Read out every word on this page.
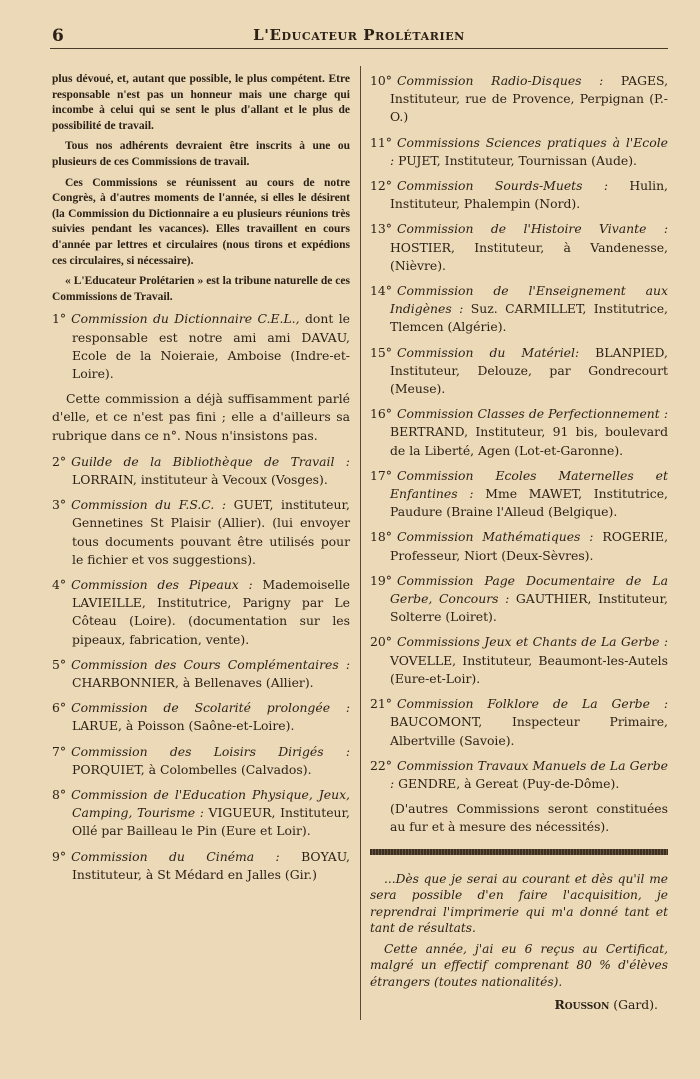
6	L'Educateur Prolétarien

plus dévoué, et, autant que possible, le plus compétent. Etre responsable n'est pas un honneur mais une charge qui incombe à celui qui se sent le plus d'allant et le plus de possibilité de travail.

Tous nos adhérents devraient être inscrits à une ou plusieurs de ces Commissions de travail.

Ces Commissions se réunissent au cours de notre Congrès, à d'autres moments de l'année, si elles le désirent (la Commission du Dictionnaire a eu plusieurs réunions très suivies pendant les vacances). Elles travaillent en cours d'année par lettres et circulaires (nous tirons et expédions ces circulaires, si nécessaire).

« L'Educateur Prolétarien » est la tribune naturelle de ces Commissions de Travail.

1° Commission du Dictionnaire C.E.L., dont le responsable est notre ami ami DAVAU, Ecole de la Noieraie, Amboise (Indre-et-Loire).
Cette commission a déjà suffisamment parlé d'elle, et ce n'est pas fini ; elle a d'ailleurs sa rubrique dans ce n°. Nous n'insistons pas.
2° Guilde de la Bibliothèque de Travail : LORRAIN, instituteur à Vecoux (Vosges).
3° Commission du F.S.C. : GUET, instituteur, Gennetines St Plaisir (Allier). (lui envoyer tous documents pouvant être utilisés pour le fichier et vos suggestions).
4° Commission des Pipeaux : Mademoiselle LAVIEILLE, Institutrice, Parigny par Le Côteau (Loire). (documentation sur les pipeaux, fabrication, vente).
5° Commission des Cours Complémentaires : CHARBONNIER, à Bellenaves (Allier).
6° Commission de Scolarité prolongée : LARUE, à Poisson (Saône-et-Loire).
7° Commission des Loisirs Dirigés : PORQUIET, à Colombelles (Calvados).
8° Commission de l'Education Physique, Jeux, Camping, Tourisme : VIGUEUR, Instituteur, Ollé par Bailleau le Pin (Eure et Loir).
9° Commission du Cinéma : BOYAU, Instituteur, à St Médard en Jalles (Gir.)
10° Commission Radio-Disques : PAGES, Instituteur, rue de Provence, Perpignan (P.-O.)
11° Commissions Sciences pratiques à l'Ecole : PUJET, Instituteur, Tournissan (Aude).
12° Commission Sourds-Muets : Hulin, Instituteur, Phalempin (Nord).
13° Commission de l'Histoire Vivante : HOSTIER, Instituteur, à Vandenesse, (Nièvre).
14° Commission de l'Enseignement aux Indigènes : Suz. CARMILLET, Institutrice, Tlemcen (Algérie).
15° Commission du Matériel: BLANPIED, Instituteur, Delouze, par Gondrecourt (Meuse).
16° Commission Classes de Perfectionnement : BERTRAND, Instituteur, 91 bis, boulevard de la Liberté, Agen (Lot-et-Garonne).
17° Commission Ecoles Maternelles et Enfantines : Mme MAWET, Institutrice, Paudure (Braine l'Alleud (Belgique).
18° Commission Mathématiques : ROGERIE, Professeur, Niort (Deux-Sèvres).
19° Commission Page Documentaire de La Gerbe, Concours : GAUTHIER, Instituteur, Solterre (Loiret).
20° Commissions Jeux et Chants de La Gerbe : VOVELLE, Instituteur, Beaumont-les-Autels (Eure-et-Loir).
21° Commission Folklore de La Gerbe : BAUCOMONT, Inspecteur Primaire, Albertville (Savoie).
22° Commission Travaux Manuels de La Gerbe : GENDRE, à Gereat (Puy-de-Dôme).
(D'autres Commissions seront constituées au fur et à mesure des nécessités).

...Dès que je serai au courant et dès qu'il me sera possible d'en faire l'acquisition, je reprendrai l'imprimerie qui m'a donné tant et tant de résultats.

Cette année, j'ai eu 6 reçus au Certificat, malgré un effectif comprenant 80 % d'élèves étrangers (toutes nationalités).

Rousson (Gard).
